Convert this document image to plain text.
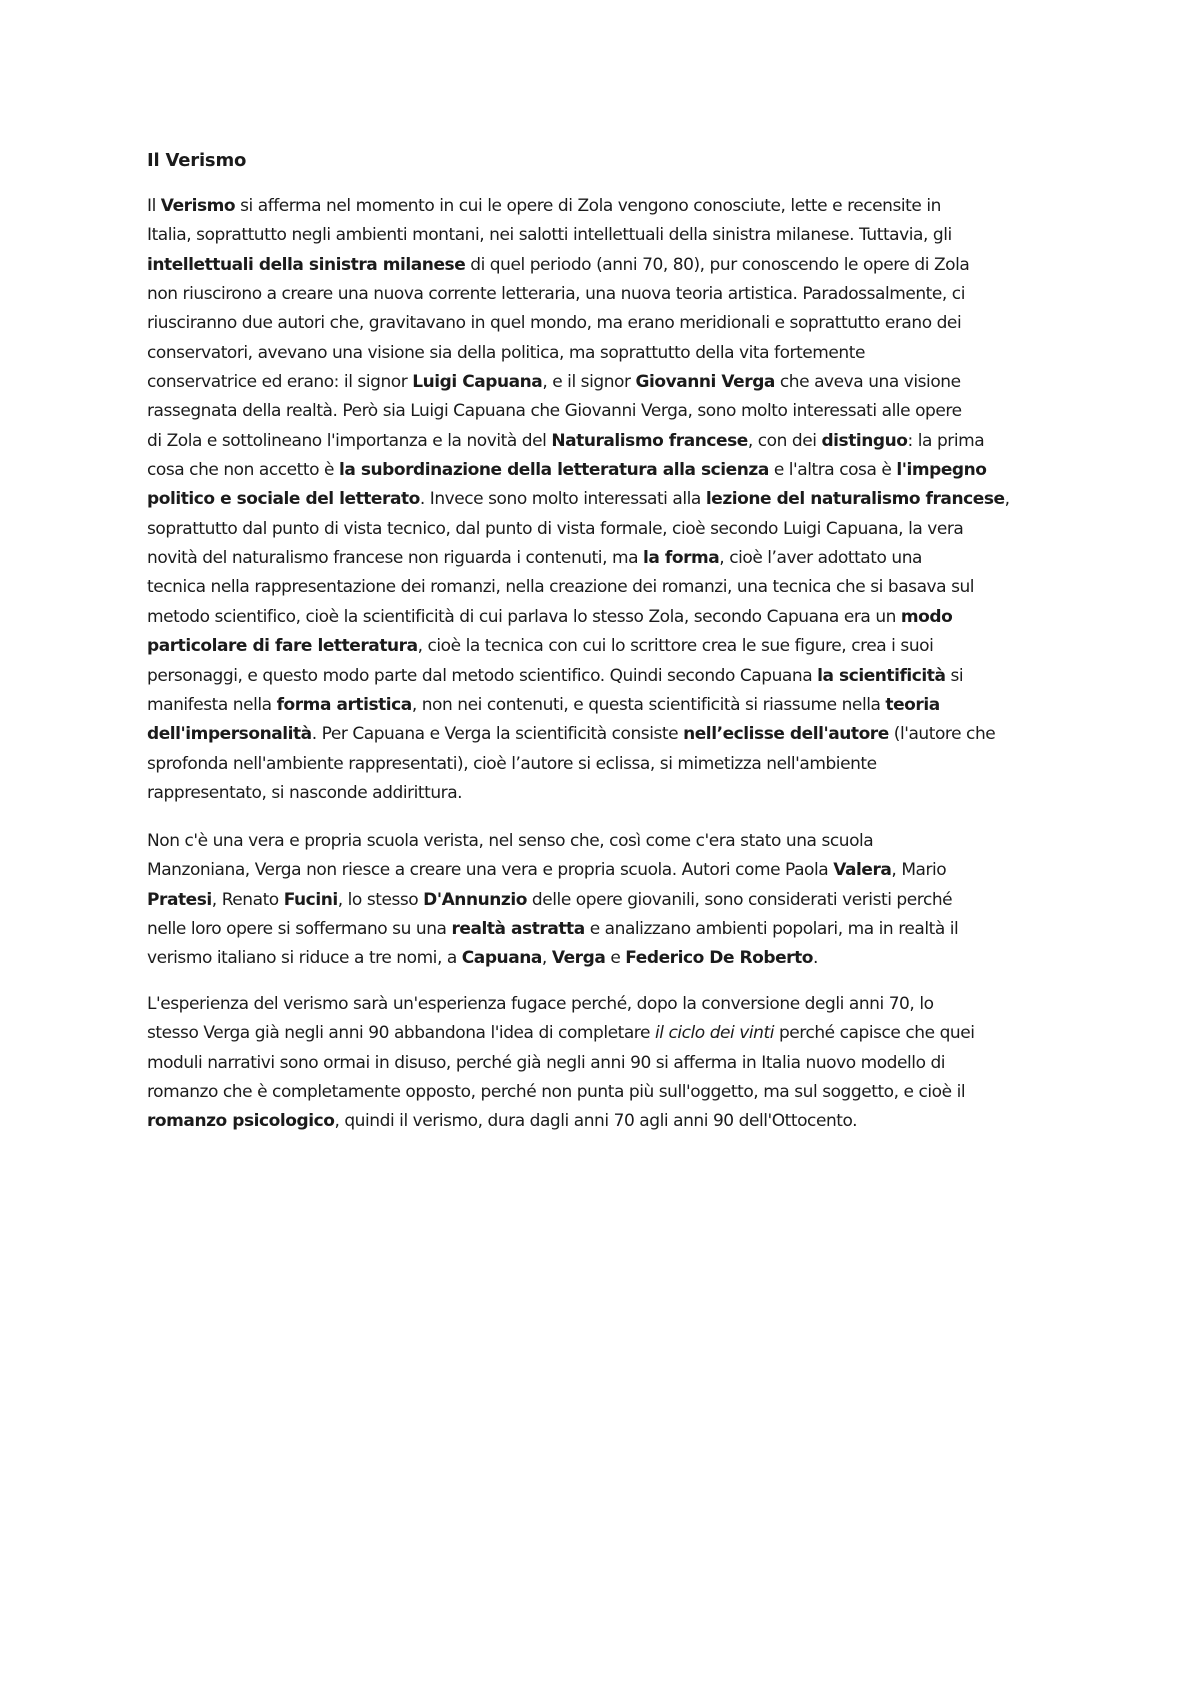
Il Verismo
Il Verismo si afferma nel momento in cui le opere di Zola vengono conosciute, lette e recensite in
Italia, soprattutto negli ambienti montani, nei salotti intellettuali della sinistra milanese. Tuttavia, gli
intellettuali della sinistra milanese di quel periodo (anni 70, 80), pur conoscendo le opere di Zola
non riuscirono a creare una nuova corrente letteraria, una nuova teoria artistica. Paradossalmente, ci
riusciranno due autori che, gravitavano in quel mondo, ma erano meridionali e soprattutto erano dei
conservatori, avevano una visione sia della politica, ma soprattutto della vita fortemente
conservatrice ed erano: il signor Luigi Capuana, e il signor Giovanni Verga che aveva una visione
rassegnata della realtà. Però sia Luigi Capuana che Giovanni Verga, sono molto interessati alle opere
di Zola e sottolineano l'importanza e la novità del Naturalismo francese, con dei distinguo: la prima
cosa che non accetto è la subordinazione della letteratura alla scienza e l'altra cosa è l'impegno
politico e sociale del letterato. Invece sono molto interessati alla lezione del naturalismo francese,
soprattutto dal punto di vista tecnico, dal punto di vista formale, cioè secondo Luigi Capuana, la vera
novità del naturalismo francese non riguarda i contenuti, ma la forma, cioè l’aver adottato una
tecnica nella rappresentazione dei romanzi, nella creazione dei romanzi, una tecnica che si basava sul
metodo scientifico, cioè la scientificità di cui parlava lo stesso Zola, secondo Capuana era un modo
particolare di fare letteratura, cioè la tecnica con cui lo scrittore crea le sue figure, crea i suoi
personaggi, e questo modo parte dal metodo scientifico. Quindi secondo Capuana la scientificità si
manifesta nella forma artistica, non nei contenuti, e questa scientificità si riassume nella teoria
dell'impersonalità. Per Capuana e Verga la scientificità consiste nell’eclisse dell'autore (l'autore che
sprofonda nell'ambiente rappresentati), cioè l’autore si eclissa, si mimetizza nell'ambiente
rappresentato, si nasconde addirittura.
Non c'è una vera e propria scuola verista, nel senso che, così come c'era stato una scuola
Manzoniana, Verga non riesce a creare una vera e propria scuola. Autori come Paola Valera, Mario
Pratesi, Renato Fucini, lo stesso D'Annunzio delle opere giovanili, sono considerati veristi perché
nelle loro opere si soffermano su una realtà astratta e analizzano ambienti popolari, ma in realtà il
verismo italiano si riduce a tre nomi, a Capuana, Verga e Federico De Roberto.
L'esperienza del verismo sarà un'esperienza fugace perché, dopo la conversione degli anni 70, lo
stesso Verga già negli anni 90 abbandona l'idea di completare il ciclo dei vinti perché capisce che quei
moduli narrativi sono ormai in disuso, perché già negli anni 90 si afferma in Italia nuovo modello di
romanzo che è completamente opposto, perché non punta più sull'oggetto, ma sul soggetto, e cioè il
romanzo psicologico, quindi il verismo, dura dagli anni 70 agli anni 90 dell'Ottocento.
